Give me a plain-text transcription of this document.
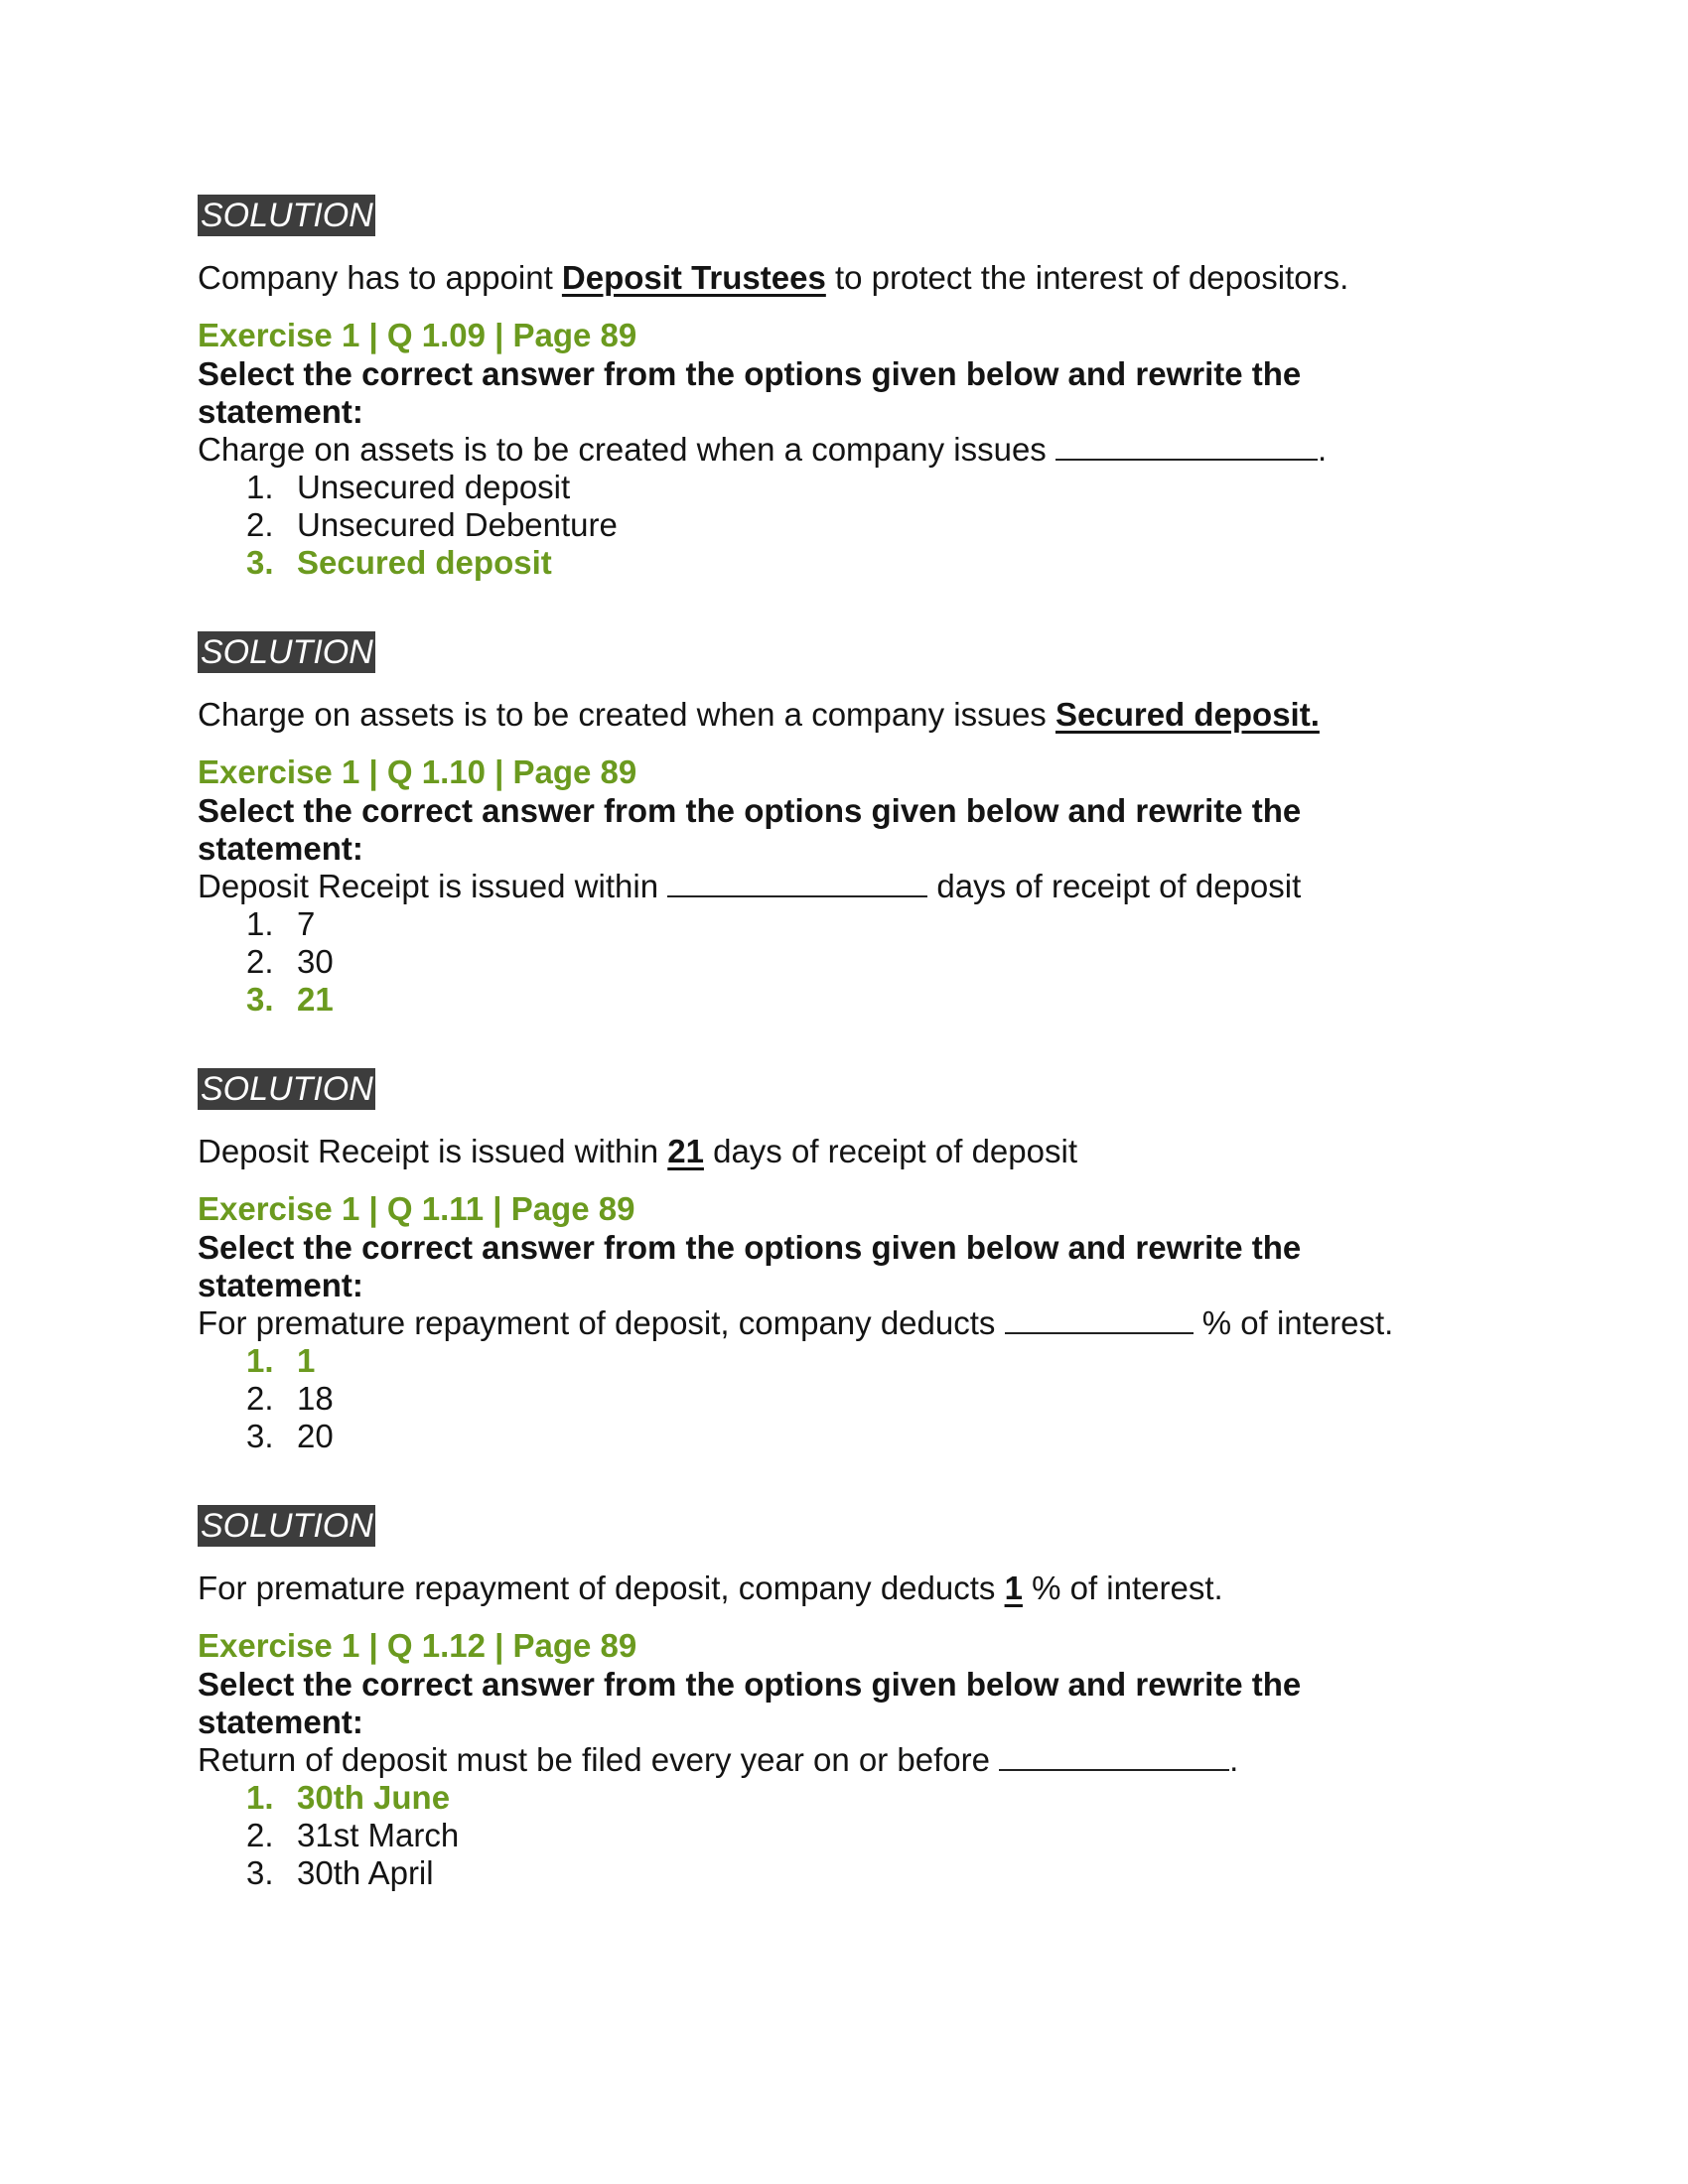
SOLUTION

Company has to appoint Deposit Trustees to protect the interest of depositors.

Exercise 1 | Q 1.09 | Page 89

Select the correct answer from the options given below and rewrite the statement:

Charge on assets is to be created when a company issues	.

1. Unsecured deposit
2. Unsecured Debenture
3. Secured deposit
SOLUTION

Charge on assets is to be created when a company issues Secured deposit.

Exercise 1 | Q 1.10 | Page 89

Select the correct answer from the options given below and rewrite the statement:

Deposit Receipt is issued within	days of receipt of deposit

1. 7
2. 30
3. 21
SOLUTION

Deposit Receipt is issued within 21 days of receipt of deposit

Exercise 1 | Q 1.11 | Page 89

Select the correct answer from the options given below and rewrite the statement:

For premature repayment of deposit, company deducts	% of interest.

1. 1
2. 18
3. 20
SOLUTION

For premature repayment of deposit, company deducts 1 % of interest.

Exercise 1 | Q 1.12 | Page 89

Select the correct answer from the options given below and rewrite the statement:

Return of deposit must be filed every year on or before	.

1. 30th June
2. 31st March
3. 30th April
